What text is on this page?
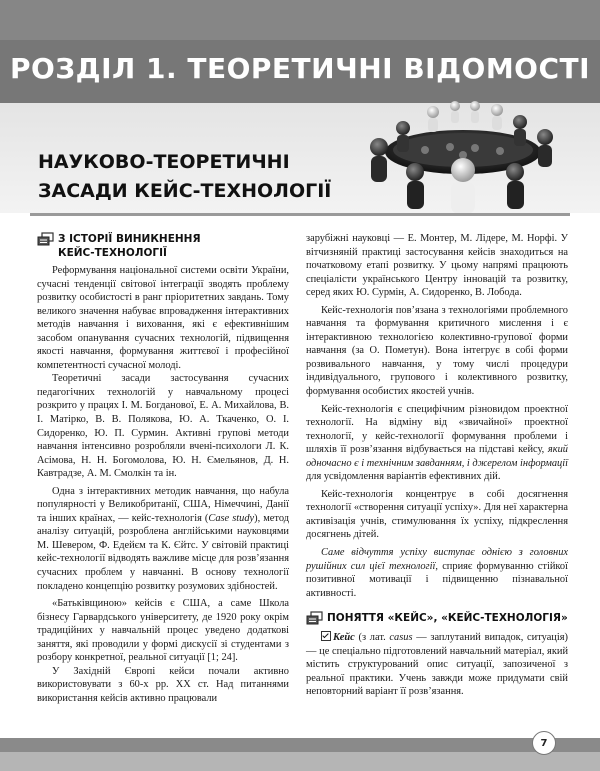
РОЗДІЛ 1. ТЕОРЕТИЧНІ ВІДОМОСТІ
НАУКОВО-ТЕОРЕТИЧНІ
ЗАСАДИ КЕЙС-ТЕХНОЛОГІЇ
З ІСТОРІЇ ВИНИКНЕННЯ
КЕЙС-ТЕХНОЛОГІЇ

Реформування національної системи освіти України, сучасні тенденції світової інтеграції зводять проблему розвитку особистості в ранг пріоритетних завдань. Тому великого значення набуває впровадження інтерактивних методів навчання і виховання, які є ефективнішим засобом опанування сучасних технологій, підвищення якості навчання, формування життєвої і професійної компетентності сучасної молоді.

Теоретичні засади застосування сучасних педагогічних технологій у навчальному процесі розкрито у працях І. М. Богданової, Е. А. Михайлова, В. І. Матірко, В. В. Полякова, Ю. А. Ткаченко, О. І. Сидоренко, Ю. П. Сурмин. Активні групові методи навчання інтенсивно розробляли вчені-психологи Л. К. Асімова, Н. Н. Богомолова, Ю. Н. Ємельянов, Д. Н. Кавтрадзе, А. М. Смолкін та ін.

Одна з інтерактивних методик навчання, що набула популярності у Великобританії, США, Німеччині, Данії та інших країнах, — кейс-технологія (Case study), метод аналізу ситуацій, розроблена англійськими науковцями М. Шевером, Ф. Едейєм та К. Єйтс. У світовій практиці кейс-технології відводять важливе місце для розв’язання сучасних проблем у навчанні. В основу технології покладено концепцію розвитку розумових здібностей.

«Батьківщиною» кейсів є США, а саме Школа бізнесу Гарвардського університету, де 1920 року окрім традиційних у навчальній процес уведено додаткові заняття, які проводили у формі дискусії зі студентами з розбору конкретної, реальної ситуації [1; 24].

У Західній Європі кейси почали активно використовувати з 60-х рр. ХХ ст. Над питаннями використання кейсів активно працювали

зарубіжні науковці — Е. Монтер, М. Лідере, М. Норфі. У вітчизняній практиці застосування кейсів знаходиться на початковому етапі розвитку. У цьому напрямі працюють спеціалісти українського Центру інновацій та розвитку, серед яких Ю. Сурмін, А. Сидоренко, В. Лобода.

Кейс-технологія пов’язана з технологіями проблемного навчання та формування критичного мислення і є інтерактивною технологією колективно-групової форми навчання (за О. Пометун). Вона інтегрує в собі форми розвивального навчання, у тому числі процедури індивідуального, групового і колективного розвитку, формування особистих якостей учнів.

Кейс-технологія є специфічним різновидом проектної технології. На відміну від «звичайної» проектної технології, у кейс-технології формування проблеми і шляхів її розв’язання відбувається на підставі кейсу, який одночасно є і технічним завданням, і джерелом інформації для усвідомлення варіантів ефективних дій.

Кейс-технологія концентрує в собі досягнення технології «створення ситуації успіху». Для неї характерна активізація учнів, стимулювання їх успіху, підкреслення досягнень дітей.

Саме відчуття успіху виступає однією з головних рушійних сил цієї технології, сприяє формуванню стійкої позитивної мотивації і підвищенню пізнавальної активності.

ПОНЯТТЯ «КЕЙС», «КЕЙС-ТЕХНОЛОГІЯ»

Кейс (з лат. casus — заплутаний випадок, ситуація) — це спеціально підготовлений навчальний матеріал, який містить структурований опис ситуації, запозиченої з реальної практики. Учень завжди може придумати свій неповторний варіант її розв’язання.

7
